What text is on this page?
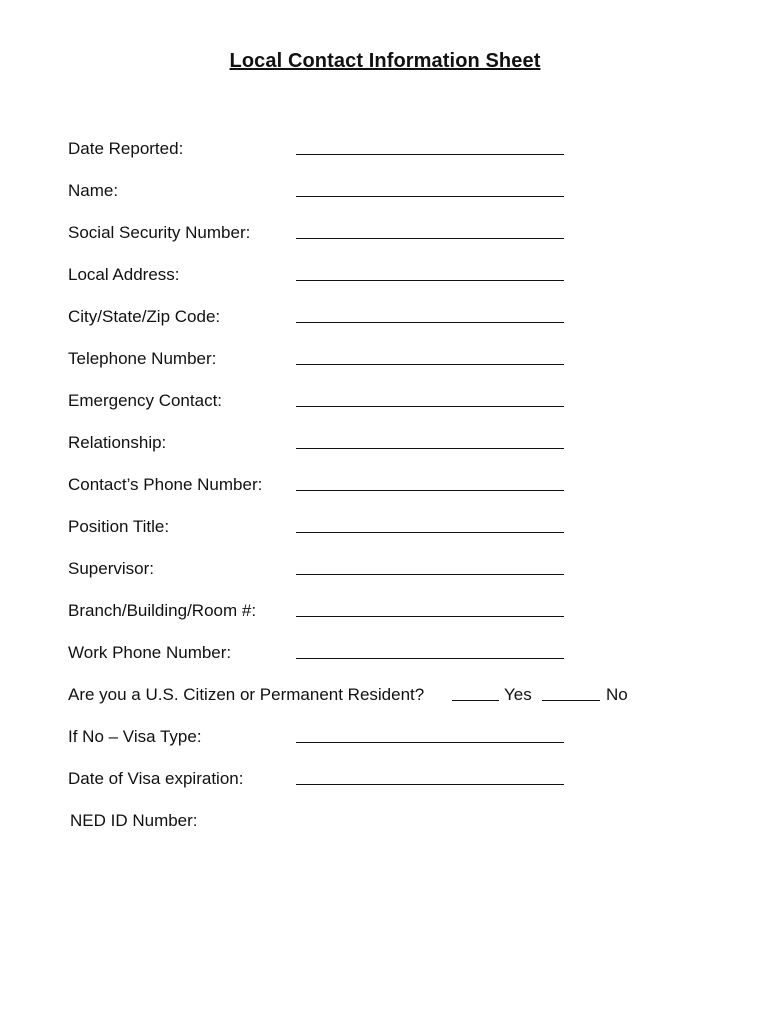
Local Contact Information Sheet
Date Reported:
Name:
Social Security Number:
Local Address:
City/State/Zip Code:
Telephone Number:
Emergency Contact:
Relationship:
Contact’s Phone Number:
Position Title:
Supervisor:
Branch/Building/Room #:
Work Phone Number:
Are you a U.S. Citizen or Permanent Resident?	Yes	No
If No – Visa Type:
Date of Visa expiration:
NED ID Number:
